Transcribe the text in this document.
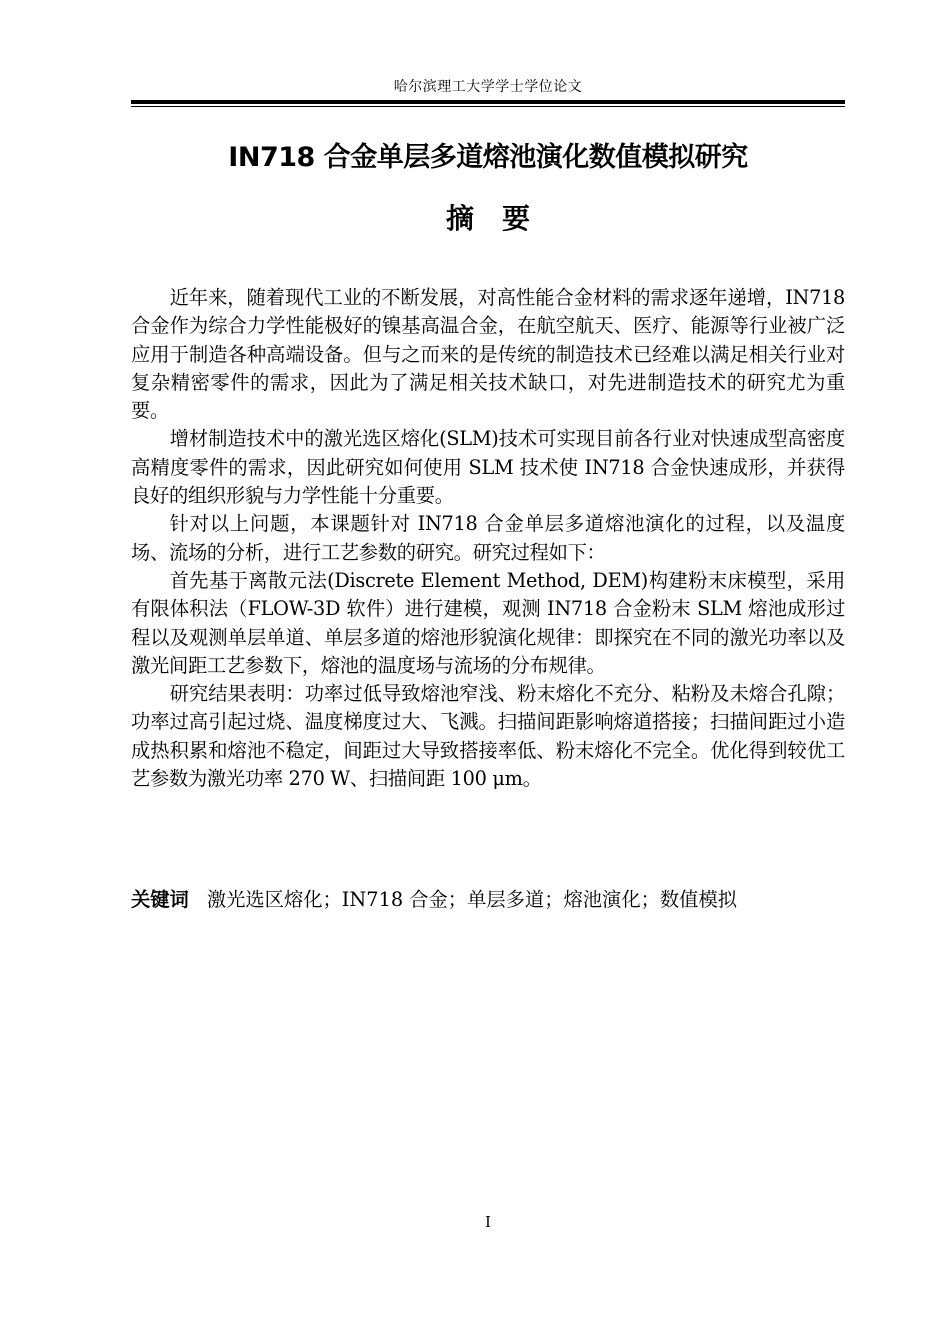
哈尔滨理工大学学士学位论文
IN718 合金单层多道熔池演化数值模拟研究
摘要

近年来，随着现代工业的不断发展，对高性能合金材料的需求逐年递增，IN718 合金作为综合力学性能极好的镍基高温合金，在航空航天、医疗、能源等行业被广泛应用于制造各种高端设备。但与之而来的是传统的制造技术已经难以满足相关行业对复杂精密零件的需求，因此为了满足相关技术缺口，对先进制造技术的研究尤为重要。

增材制造技术中的激光选区熔化(SLM)技术可实现目前各行业对快速成型高密度高精度零件的需求，因此研究如何使用 SLM 技术使 IN718 合金快速成形，并获得良好的组织形貌与力学性能十分重要。

针对以上问题，本课题针对 IN718 合金单层多道熔池演化的过程，以及温度场、流场的分析，进行工艺参数的研究。研究过程如下：

首先基于离散元法(Discrete Element Method, DEM)构建粉末床模型，采用有限体积法（FLOW-3D 软件）进行建模，观测 IN718 合金粉末 SLM 熔池成形过程以及观测单层单道、单层多道的熔池形貌演化规律：即探究在不同的激光功率以及激光间距工艺参数下，熔池的温度场与流场的分布规律。

研究结果表明：功率过低导致熔池窄浅、粉末熔化不充分、粘粉及未熔合孔隙；功率过高引起过烧、温度梯度过大、飞溅。扫描间距影响熔道搭接；扫描间距过小造成热积累和熔池不稳定，间距过大导致搭接率低、粉末熔化不完全。优化得到较优工艺参数为激光功率 270 W、扫描间距 100 μm。

关键词 激光选区熔化；IN718 合金；单层多道；熔池演化；数值模拟
I
